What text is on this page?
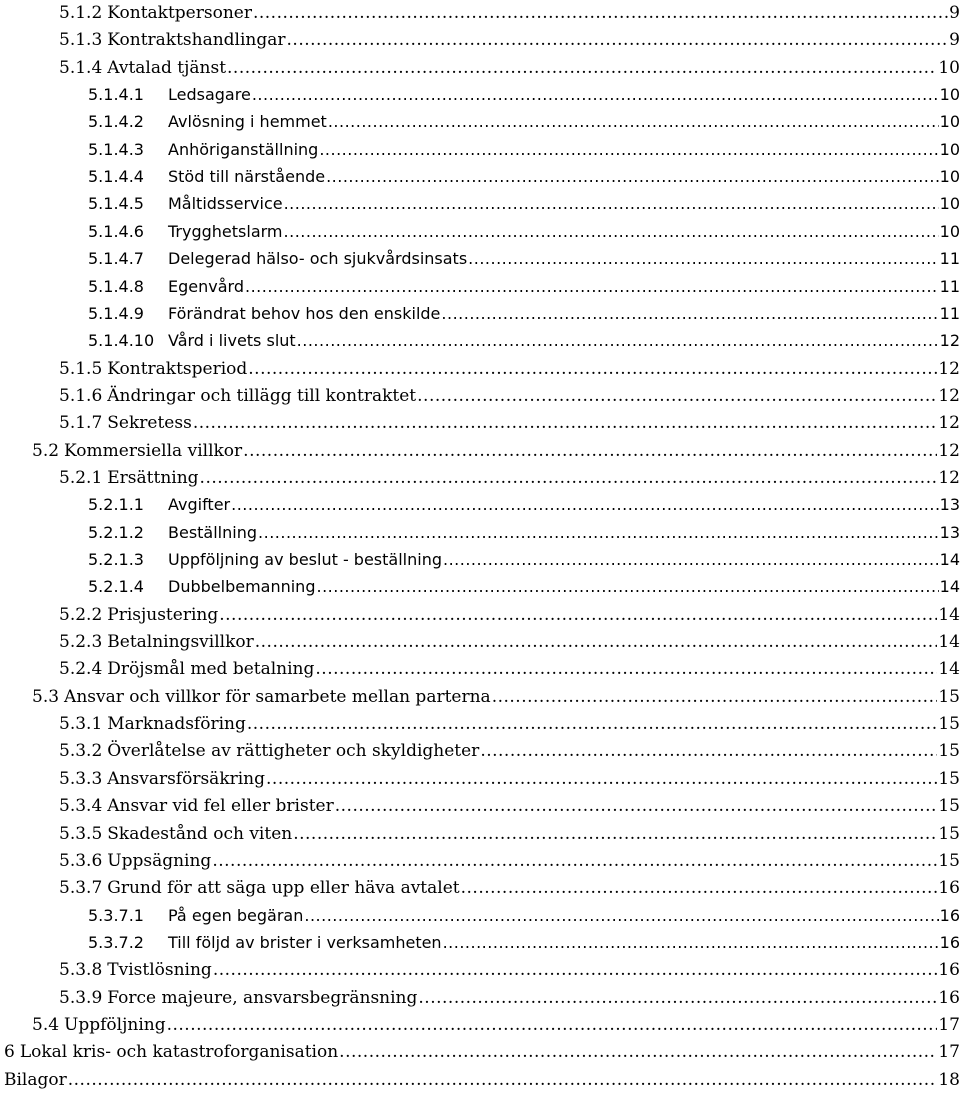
5.1.2 Kontaktpersoner .....	9
5.1.3 Kontraktshandlingar .....	9
5.1.4 Avtalad tjänst .....	10
5.1.4.1	Ledsagare .....	10
5.1.4.2	Avlösning i hemmet .....	10
5.1.4.3	Anhöriganställning .....	10
5.1.4.4	Stöd till närstående .....	10
5.1.4.5	Måltidsservice .....	10
5.1.4.6	Trygghetslarm .....	10
5.1.4.7	Delegerad hälso- och sjukvårdsinsats .....	11
5.1.4.8	Egenvård .....	11
5.1.4.9	Förändrat behov hos den enskilde .....	11
5.1.4.10 Vård i livets slut .....	12
5.1.5 Kontraktsperiod .....	12
5.1.6 Ändringar och tillägg till kontraktet .....	12
5.1.7 Sekretess .....	12
5.2 Kommersiella villkor .....	12
5.2.1 Ersättning .....	12
5.2.1.1	Avgifter .....	13
5.2.1.2	Beställning .....	13
5.2.1.3	Uppföljning av beslut - beställning .....	14
5.2.1.4	Dubbelbemanning .....	14
5.2.2 Prisjustering .....	14
5.2.3 Betalningsvillkor .....	14
5.2.4 Dröjsmål med betalning .....	14
5.3 Ansvar och villkor för samarbete mellan parterna .....	15
5.3.1 Marknadsföring .....	15
5.3.2 Överlåtelse av rättigheter och skyldigheter .....	15
5.3.3 Ansvarsförsäkring .....	15
5.3.4 Ansvar vid fel eller brister .....	15
5.3.5 Skadestånd och viten .....	15
5.3.6 Uppsägning .....	15
5.3.7 Grund för att säga upp eller häva avtalet .....	16
5.3.7.1	På egen begäran .....	16
5.3.7.2	Till följd av brister i verksamheten .....	16
5.3.8 Tvistlösning .....	16
5.3.9 Force majeure, ansvarsbegränsning .....	16
5.4 Uppföljning .....	17
6 Lokal kris- och katastroforganisation .....	17
Bilagor .....	18
